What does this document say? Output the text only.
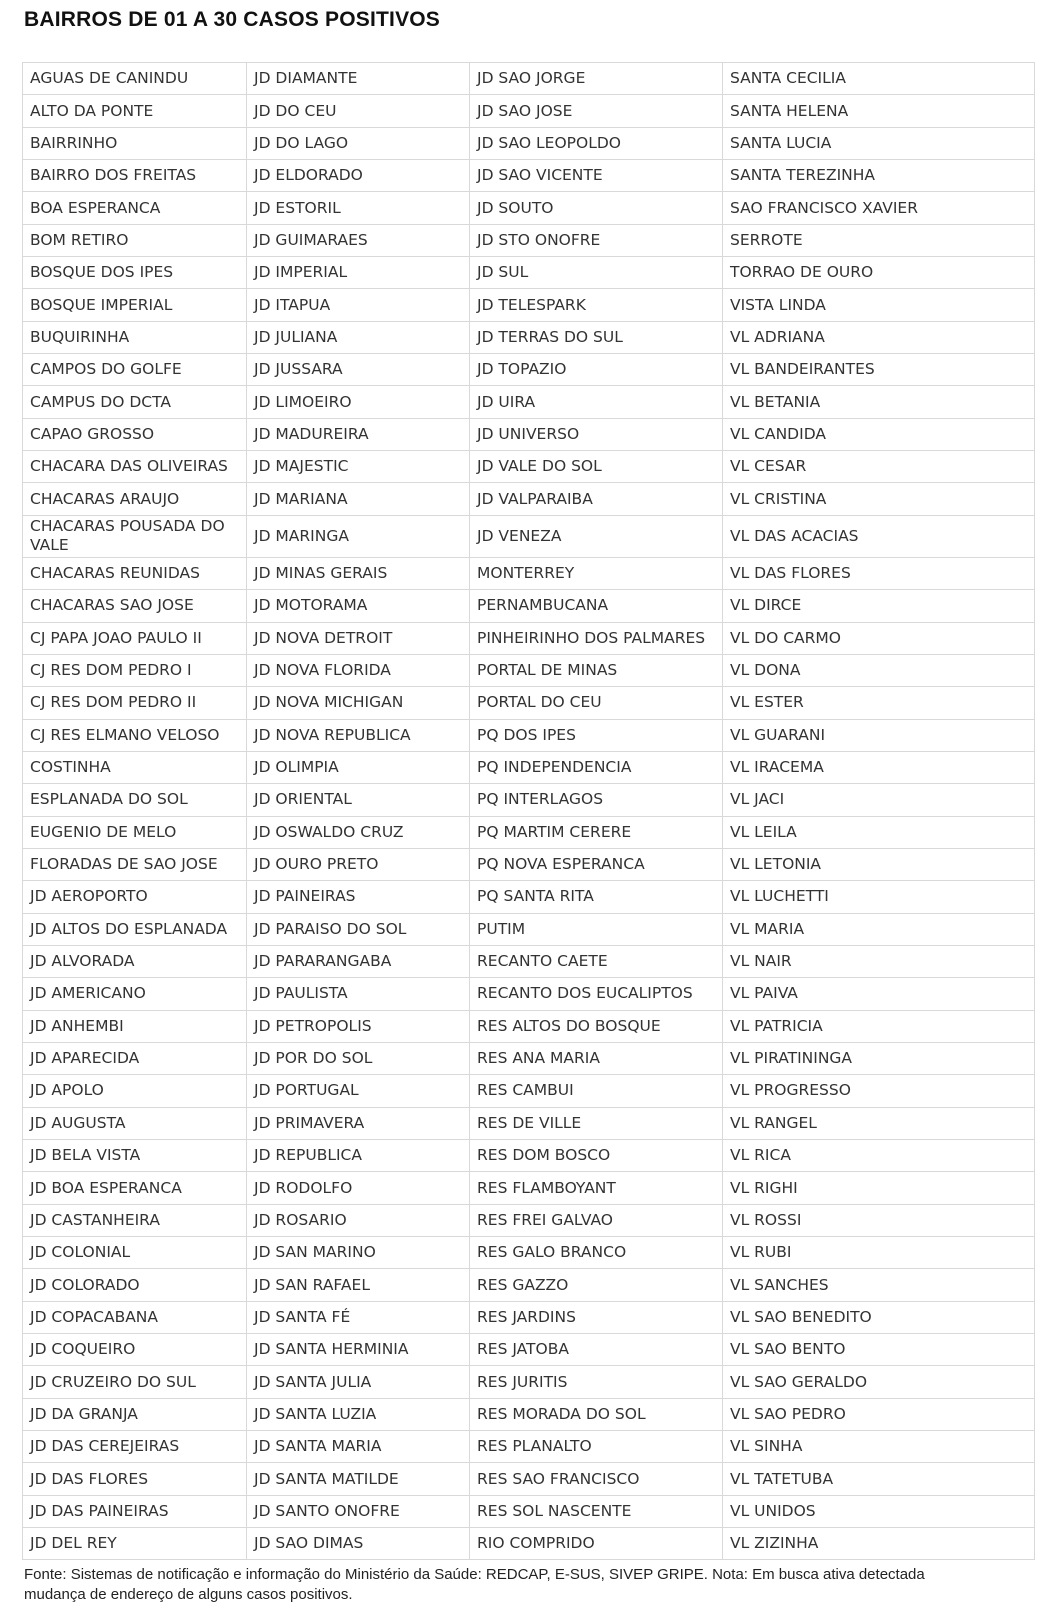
BAIRROS DE 01 A 30 CASOS POSITIVOS
AGUAS DE CANINDU	JD DIAMANTE	JD SAO JORGE	SANTA CECILIA
ALTO DA PONTE	JD DO CEU	JD SAO JOSE	SANTA HELENA
BAIRRINHO	JD DO LAGO	JD SAO LEOPOLDO	SANTA LUCIA
BAIRRO DOS FREITAS	JD ELDORADO	JD SAO VICENTE	SANTA TEREZINHA
BOA ESPERANCA	JD ESTORIL	JD SOUTO	SAO FRANCISCO XAVIER
BOM RETIRO	JD GUIMARAES	JD STO ONOFRE	SERROTE
BOSQUE DOS IPES	JD IMPERIAL	JD SUL	TORRAO DE OURO
BOSQUE IMPERIAL	JD ITAPUA	JD TELESPARK	VISTA LINDA
BUQUIRINHA	JD JULIANA	JD TERRAS DO SUL	VL ADRIANA
CAMPOS DO GOLFE	JD JUSSARA	JD TOPAZIO	VL BANDEIRANTES
CAMPUS DO DCTA	JD LIMOEIRO	JD UIRA	VL BETANIA
CAPAO GROSSO	JD MADUREIRA	JD UNIVERSO	VL CANDIDA
CHACARA DAS OLIVEIRAS	JD MAJESTIC	JD VALE DO SOL	VL CESAR
CHACARAS ARAUJO	JD MARIANA	JD VALPARAIBA	VL CRISTINA
CHACARAS POUSADA DO VALE	JD MARINGA	JD VENEZA	VL DAS ACACIAS
CHACARAS REUNIDAS	JD MINAS GERAIS	MONTERREY	VL DAS FLORES
CHACARAS SAO JOSE	JD MOTORAMA	PERNAMBUCANA	VL DIRCE
CJ PAPA JOAO PAULO II	JD NOVA DETROIT	PINHEIRINHO DOS PALMARES	VL DO CARMO
CJ RES DOM PEDRO I	JD NOVA FLORIDA	PORTAL DE MINAS	VL DONA
CJ RES DOM PEDRO II	JD NOVA MICHIGAN	PORTAL DO CEU	VL ESTER
CJ RES ELMANO VELOSO	JD NOVA REPUBLICA	PQ DOS IPES	VL GUARANI
COSTINHA	JD OLIMPIA	PQ INDEPENDENCIA	VL IRACEMA
ESPLANADA DO SOL	JD ORIENTAL	PQ INTERLAGOS	VL JACI
EUGENIO DE MELO	JD OSWALDO CRUZ	PQ MARTIM CERERE	VL LEILA
FLORADAS DE SAO JOSE	JD OURO PRETO	PQ NOVA ESPERANCA	VL LETONIA
JD AEROPORTO	JD PAINEIRAS	PQ SANTA RITA	VL LUCHETTI
JD ALTOS DO ESPLANADA	JD PARAISO DO SOL	PUTIM	VL MARIA
JD ALVORADA	JD PARARANGABA	RECANTO CAETE	VL NAIR
JD AMERICANO	JD PAULISTA	RECANTO DOS EUCALIPTOS	VL PAIVA
JD ANHEMBI	JD PETROPOLIS	RES ALTOS DO BOSQUE	VL PATRICIA
JD APARECIDA	JD POR DO SOL	RES ANA MARIA	VL PIRATININGA
JD APOLO	JD PORTUGAL	RES CAMBUI	VL PROGRESSO
JD AUGUSTA	JD PRIMAVERA	RES DE VILLE	VL RANGEL
JD BELA VISTA	JD REPUBLICA	RES DOM BOSCO	VL RICA
JD BOA ESPERANCA	JD RODOLFO	RES FLAMBOYANT	VL RIGHI
JD CASTANHEIRA	JD ROSARIO	RES FREI GALVAO	VL ROSSI
JD COLONIAL	JD SAN MARINO	RES GALO BRANCO	VL RUBI
JD COLORADO	JD SAN RAFAEL	RES GAZZO	VL SANCHES
JD COPACABANA	JD SANTA FÉ	RES JARDINS	VL SAO BENEDITO
JD COQUEIRO	JD SANTA HERMINIA	RES JATOBA	VL SAO BENTO
JD CRUZEIRO DO SUL	JD SANTA JULIA	RES JURITIS	VL SAO GERALDO
JD DA GRANJA	JD SANTA LUZIA	RES MORADA DO SOL	VL SAO PEDRO
JD DAS CEREJEIRAS	JD SANTA MARIA	RES PLANALTO	VL SINHA
JD DAS FLORES	JD SANTA MATILDE	RES SAO FRANCISCO	VL TATETUBA
JD DAS PAINEIRAS	JD SANTO ONOFRE	RES SOL NASCENTE	VL UNIDOS
JD DEL REY	JD SAO DIMAS	RIO COMPRIDO	VL ZIZINHA

Fonte: Sistemas de notificação e informação do Ministério da Saúde: REDCAP, E-SUS, SIVEP GRIPE. Nota: Em busca ativa detectada mudança de endereço de alguns casos positivos.
